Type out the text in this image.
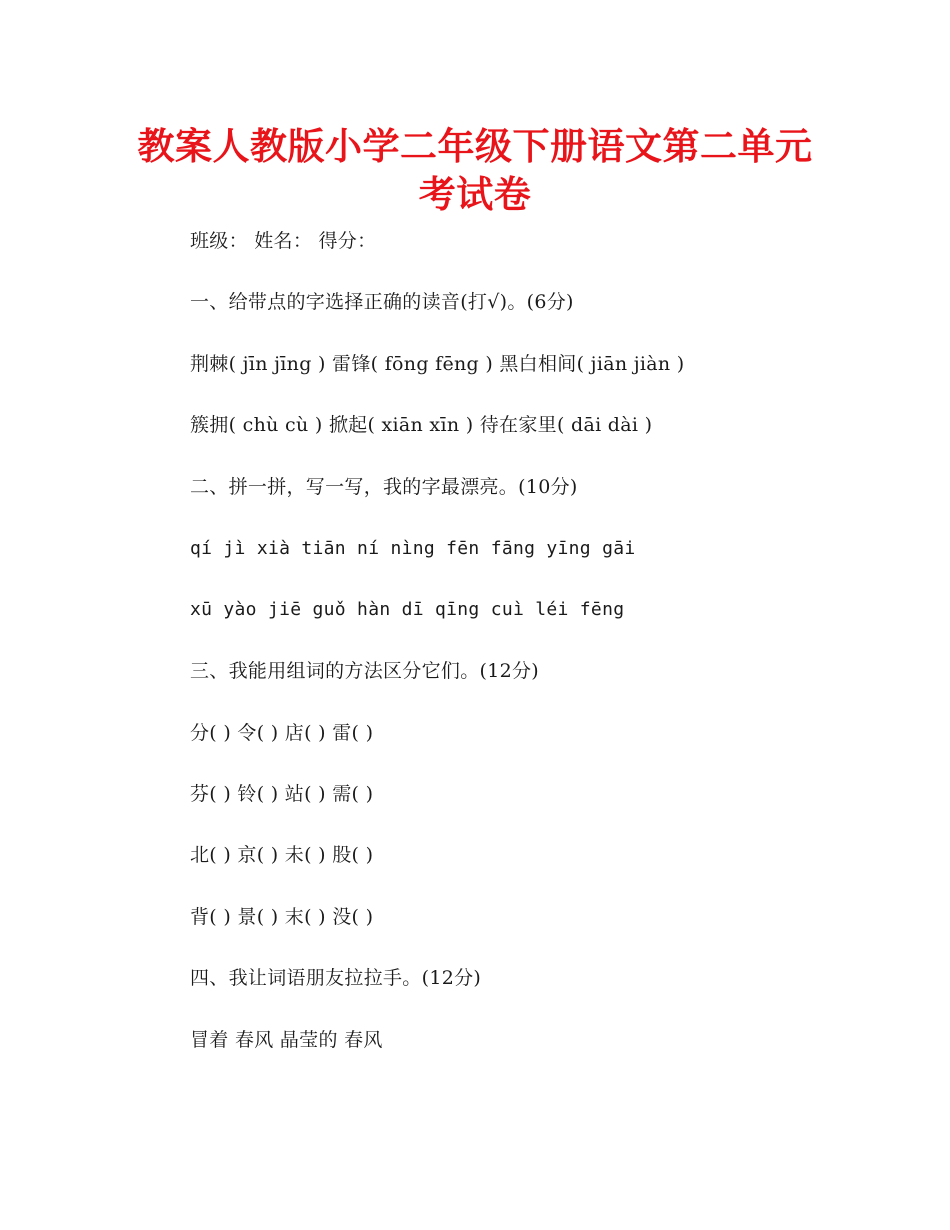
教案人教版小学二年级下册语文第二单元
考试卷
班级： 姓名： 得分：
一、给带点的字选择正确的读音(打√)。(6分)
荆棘( jīn jīng ) 雷锋( fōng fēng ) 黑白相间( jiān jiàn )
簇拥( chù cù ) 掀起( xiān xīn ) 待在家里( dāi dài )
二、拼一拼，写一写，我的字最漂亮。(10分)
qí jì xià tiān ní nìng fēn fāng yīng gāi
xū yào jiē guǒ hàn dī qīng cuì léi fēng
三、我能用组词的方法区分它们。(12分)
分( ) 令( ) 店( ) 雷( )
芬( ) 铃( ) 站( ) 需( )
北( ) 京( ) 未( ) 股( )
背( ) 景( ) 末( ) 没( )
四、我让词语朋友拉拉手。(12分)
冒着 春风 晶莹的 春风
